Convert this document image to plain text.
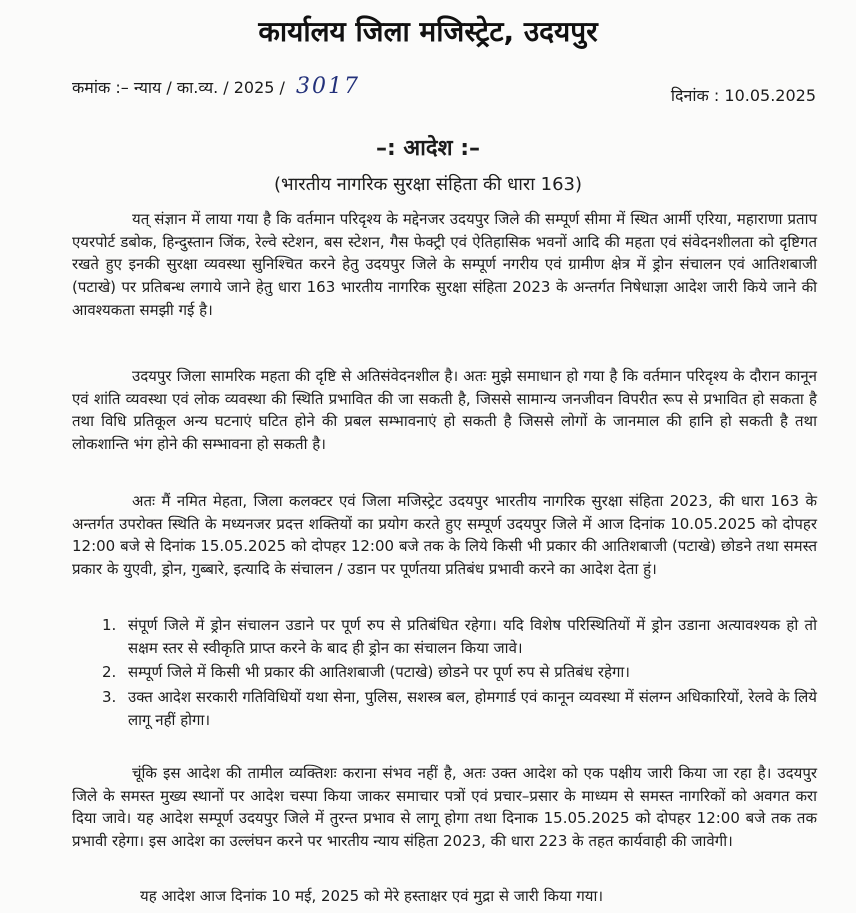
कार्यालय जिला मजिस्ट्रेट, उदयपुर
कमांक :– न्याय / का.व्य. / 2025 / 3017	दिनांक : 10.05.2025
–: आदेश :–
(भारतीय नागरिक सुरक्षा संहिता की धारा 163)

यत् संज्ञान में लाया गया है कि वर्तमान परिदृश्य के मद्देनजर उदयपुर जिले की सम्पूर्ण सीमा में स्थित आर्मी एरिया, महाराणा प्रताप एयरपोर्ट डबोक, हिन्दुस्तान जिंक, रेल्वे स्टेशन, बस स्टेशन, गैस फेक्ट्री एवं ऐतिहासिक भवनों आदि की महता एवं संवेदनशीलता को दृष्टिगत रखते हुए इनकी सुरक्षा व्यवस्था सुनिश्चित करने हेतु उदयपुर जिले के सम्पूर्ण नगरीय एवं ग्रामीण क्षेत्र में ड्रोन संचालन एवं आतिशबाजी (पटाखे) पर प्रतिबन्ध लगाये जाने हेतु धारा 163 भारतीय नागरिक सुरक्षा संहिता 2023 के अन्तर्गत निषेधाज्ञा आदेश जारी किये जाने की आवश्यकता समझी गई है।

उदयपुर जिला सामरिक महता की दृष्टि से अतिसंवेदनशील है। अतः मुझे समाधान हो गया है कि वर्तमान परिदृश्य के दौरान कानून एवं शांति व्यवस्था एवं लोक व्यवस्था की स्थिति प्रभावित की जा सकती है, जिससे सामान्य जनजीवन विपरीत रूप से प्रभावित हो सकता है तथा विधि प्रतिकूल अन्य घटनाएं घटित होने की प्रबल सम्भावनाएं हो सकती है जिससे लोगों के जानमाल की हानि हो सकती है तथा लोकशान्ति भंग होने की सम्भावना हो सकती है।

अतः मैं नमित मेहता, जिला कलक्टर एवं जिला मजिस्ट्रेट उदयपुर भारतीय नागरिक सुरक्षा संहिता 2023, की धारा 163 के अन्तर्गत उपरोक्त स्थिति के मध्यनजर प्रदत्त शक्तियों का प्रयोग करते हुए सम्पूर्ण उदयपुर जिले में आज दिनांक 10.05.2025 को दोपहर 12:00 बजे से दिनांक 15.05.2025 को दोपहर 12:00 बजे तक के लिये किसी भी प्रकार की आतिशबाजी (पटाखे) छोडने तथा समस्त प्रकार के युएवी, ड्रोन, गुब्बारे, इत्यादि के संचालन / उडान पर पूर्णतया प्रतिबंध प्रभावी करने का आदेश देता हुं।

1. संपूर्ण जिले में ड्रोन संचालन उडाने पर पूर्ण रुप से प्रतिबंधित रहेगा। यदि विशेष परिस्थितियों में ड्रोन उडाना अत्यावश्यक हो तो सक्षम स्तर से स्वीकृति प्राप्त करने के बाद ही ड्रोन का संचालन किया जावे।
2. सम्पूर्ण जिले में किसी भी प्रकार की आतिशबाजी (पटाखे) छोडने पर पूर्ण रुप से प्रतिबंध रहेगा।
3. उक्त आदेश सरकारी गतिविधियों यथा सेना, पुलिस, सशस्त्र बल, होमगार्ड एवं कानून व्यवस्था में संलग्न अधिकारियों, रेलवे के लिये लागू नहीं होगा।

चूंकि इस आदेश की तामील व्यक्तिशः कराना संभव नहीं है, अतः उक्त आदेश को एक पक्षीय जारी किया जा रहा है। उदयपुर जिले के समस्त मुख्य स्थानों पर आदेश चस्पा किया जाकर समाचार पत्रों एवं प्रचार–प्रसार के माध्यम से समस्त नागरिकों को अवगत करा दिया जावे। यह आदेश सम्पूर्ण उदयपुर जिले में तुरन्त प्रभाव से लागू होगा तथा दिनाक 15.05.2025 को दोपहर 12:00 बजे तक तक प्रभावी रहेगा। इस आदेश का उल्लंघन करने पर भारतीय न्याय संहिता 2023, की धारा 223 के तहत कार्यवाही की जावेगी।

यह आदेश आज दिनांक 10 मई, 2025 को मेरे हस्ताक्षर एवं मुद्रा से जारी किया गया।
